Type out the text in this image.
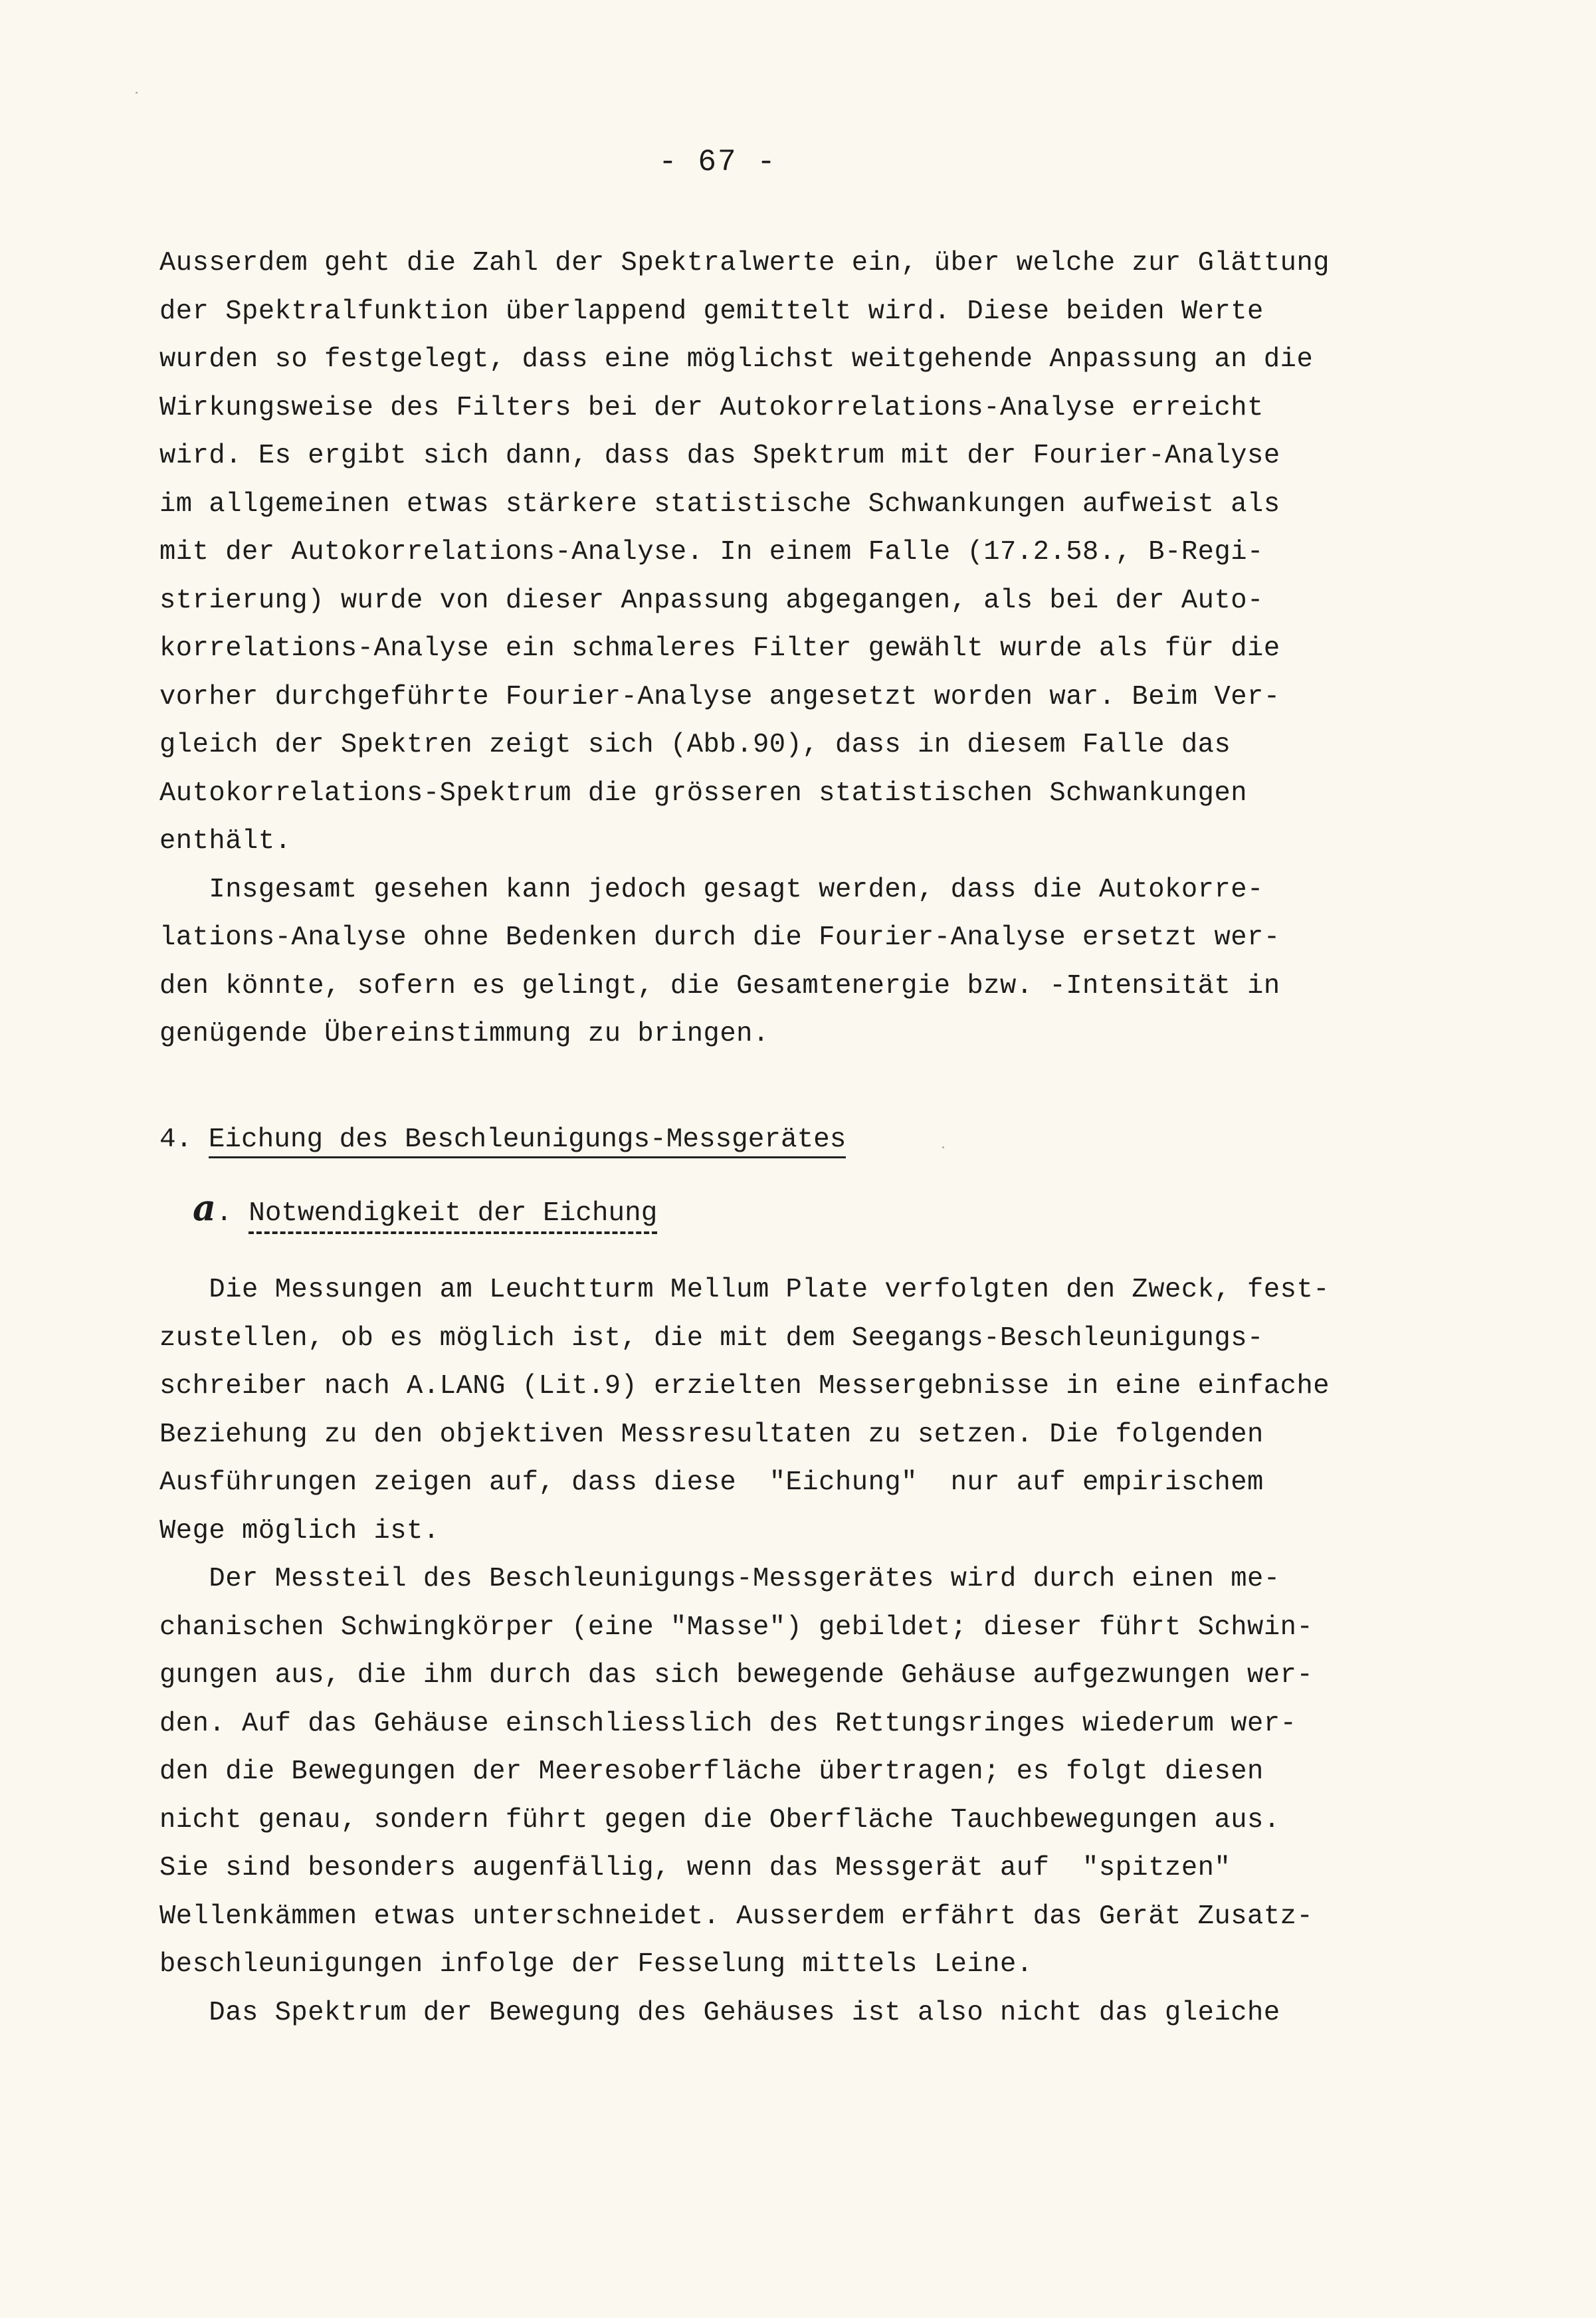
- 67 -
Ausserdem geht die Zahl der Spektralwerte ein, über welche zur Glättung
der Spektralfunktion überlappend gemittelt wird. Diese beiden Werte
wurden so festgelegt, dass eine möglichst weitgehende Anpassung an die
Wirkungsweise des Filters bei der Autokorrelations-Analyse erreicht
wird. Es ergibt sich dann, dass das Spektrum mit der Fourier-Analyse
im allgemeinen etwas stärkere statistische Schwankungen aufweist als
mit der Autokorrelations-Analyse. In einem Falle (17.2.58., B-Regi-
strierung) wurde von dieser Anpassung abgegangen, als bei der Auto-
korrelations-Analyse ein schmaleres Filter gewählt wurde als für die
vorher durchgeführte Fourier-Analyse angesetzt worden war. Beim Ver-
gleich der Spektren zeigt sich (Abb.90), dass in diesem Falle das
Autokorrelations-Spektrum die grösseren statistischen Schwankungen
enthält.
Insgesamt gesehen kann jedoch gesagt werden, dass die Autokorre-
lations-Analyse ohne Bedenken durch die Fourier-Analyse ersetzt wer-
den könnte, sofern es gelingt, die Gesamtenergie bzw. -Intensität in
genügende Übereinstimmung zu bringen.
4. Eichung des Beschleunigungs-Messgerätes
a. Notwendigkeit der Eichung
Die Messungen am Leuchtturm Mellum Plate verfolgten den Zweck, fest-
zustellen, ob es möglich ist, die mit dem Seegangs-Beschleunigungs-
schreiber nach A.LANG (Lit.9) erzielten Messergebnisse in eine einfache
Beziehung zu den objektiven Messresultaten zu setzen. Die folgenden
Ausführungen zeigen auf, dass diese  "Eichung"  nur auf empirischem
Wege möglich ist.
Der Messteil des Beschleunigungs-Messgerätes wird durch einen me-
chanischen Schwingkörper (eine "Masse") gebildet; dieser führt Schwin-
gungen aus, die ihm durch das sich bewegende Gehäuse aufgezwungen wer-
den. Auf das Gehäuse einschliesslich des Rettungsringes wiederum wer-
den die Bewegungen der Meeresoberfläche übertragen; es folgt diesen
nicht genau, sondern führt gegen die Oberfläche Tauchbewegungen aus.
Sie sind besonders augenfällig, wenn das Messgerät auf  "spitzen"
Wellenkämmen etwas unterschneidet. Ausserdem erfährt das Gerät Zusatz-
beschleunigungen infolge der Fesselung mittels Leine.
Das Spektrum der Bewegung des Gehäuses ist also nicht das gleiche
